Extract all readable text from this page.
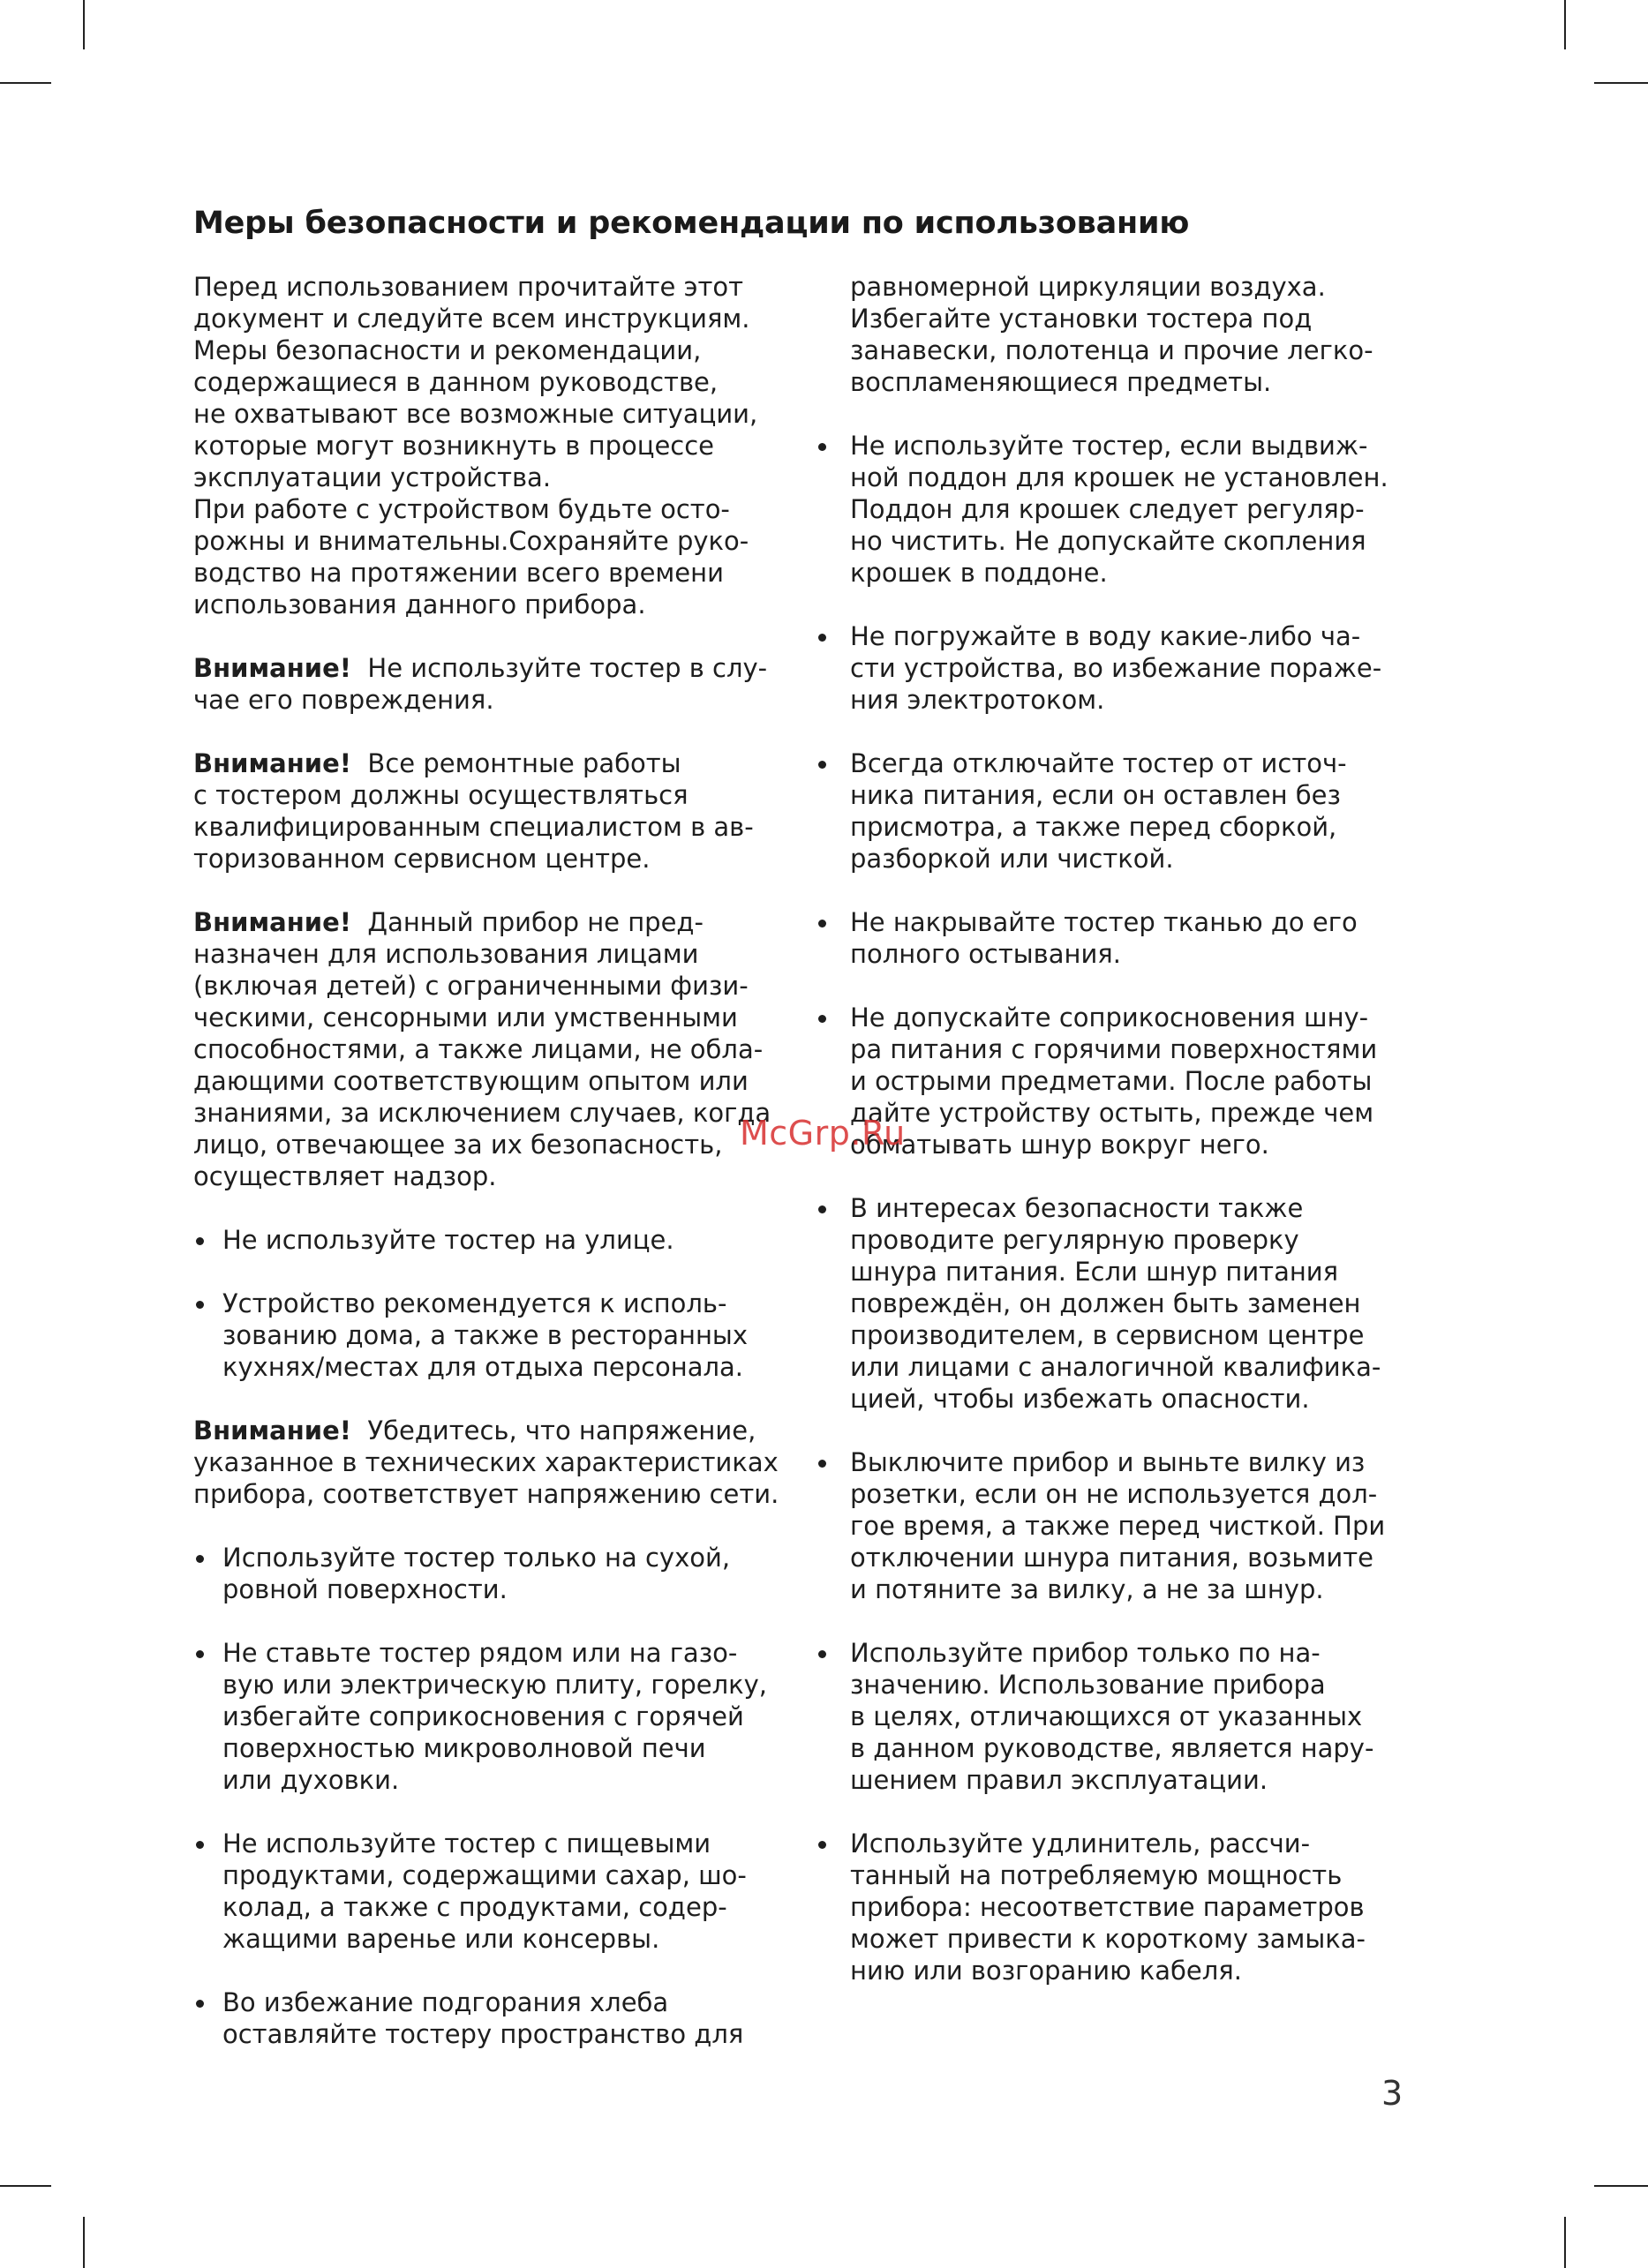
Меры безопасности и рекомендации по использованию

Перед использованием прочитайте этот
документ и следуйте всем инструкциям.
Меры безопасности и рекомендации,
содержащиеся в данном руководстве,
не охватывают все возможные ситуации,
которые могут возникнуть в процессе
эксплуатации устройства.
При работе с устройством будьте осто-
рожны и внимательны.Сохраняйте руко-
водство на протяжении всего времени
использования данного прибора.

Внимание! Не используйте тостер в слу-
чае его повреждения.

Внимание! Все ремонтные работы
с тостером должны осуществляться
квалифицированным специалистом в ав-
торизованном сервисном центре.

Внимание! Данный прибор не пред-
назначен для использования лицами
(включая детей) с ограниченными физи-
ческими, сенсорными или умственными
способностями, а также лицами, не обла-
дающими соответствующим опытом или
знаниями, за исключением случаев, когда
лицо, отвечающее за их безопасность,
осуществляет надзор.

Не используйте тостер на улице.
Устройство рекомендуется к исполь-
зованию дома, а также в ресторанных
кухнях/местах для отдыха персонала.

Внимание! Убедитесь, что напряжение,
указанное в технических характеристиках
прибора, соответствует напряжению сети.

Используйте тостер только на сухой,
ровной поверхности.
Не ставьте тостер рядом или на газо-
вую или электрическую плиту, горелку,
избегайте соприкосновения с горячей
поверхностью микроволновой печи
или духовки.
Не используйте тостер с пищевыми
продуктами, содержащими сахар, шо-
колад, а также с продуктами, содер-
жащими варенье или консервы.
Во избежание подгорания хлеба
оставляйте тостеру пространство для

равномерной циркуляции воздуха.
Избегайте установки тостера под
занавески, полотенца и прочие легко-
воспламеняющиеся предметы.

Не используйте тостер, если выдвиж-
ной поддон для крошек не установлен.
Поддон для крошек следует регуляр-
но чистить. Не допускайте скопления
крошек в поддоне.
Не погружайте в воду какие-либо ча-
сти устройства, во избежание пораже-
ния электротоком.
Всегда отключайте тостер от источ-
ника питания, если он оставлен без
присмотра, а также перед сборкой,
разборкой или чисткой.
Не накрывайте тостер тканью до его
полного остывания.
Не допускайте соприкосновения шну-
ра питания с горячими поверхностями
и острыми предметами. После работы
дайте устройству остыть, прежде чем
обматывать шнур вокруг него.
В интересах безопасности также
проводите регулярную проверку
шнура питания. Если шнур питания
повреждён, он должен быть заменен
производителем, в сервисном центре
или лицами с аналогичной квалифика-
цией, чтобы избежать опасности.
Выключите прибор и выньте вилку из
розетки, если он не используется дол-
гое время, а также перед чисткой. При
отключении шнура питания, возьмите
и потяните за вилку, а не за шнур.
Используйте прибор только по на-
значению. Использование прибора
в целях, отличающихся от указанных
в данном руководстве, является нару-
шением правил эксплуатации.
Используйте удлинитель, рассчи-
танный на потребляемую мощность
прибора: несоответствие параметров
может привести к короткому замыка-
нию или возгоранию кабеля.
McGrp.Ru
3
